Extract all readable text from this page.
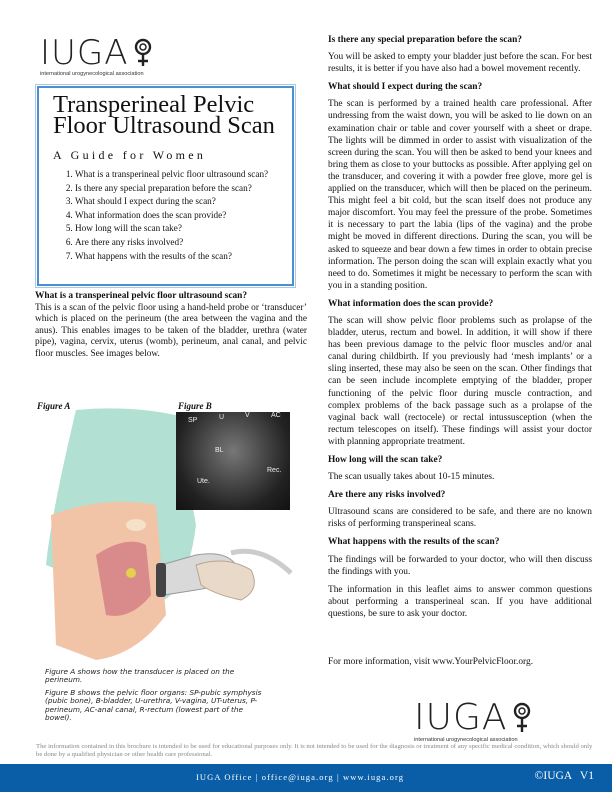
IUGA
international urogynecological association
Transperineal Pelvic Floor Ultrasound Scan
A Guide for Women
1. What is a transperineal pelvic floor ultrasound scan?
2. Is there any special preparation before the scan?
3. What should I expect during the scan?
4. What information does the scan provide?
5. How long will the scan take?
6. Are there any risks involved?
7. What happens with the results of the scan?
What is a transperineal pelvic floor ultrasound scan?

This is a scan of the pelvic floor using a hand-held probe or ‘transducer’ which is placed on the perineum (the area between the vagina and the anus). This enables images to be taken of the bladder, urethra (water pipe), vagina, cervix, uterus (womb), perineum, anal canal, and pelvic floor muscles. See images below.

Figure A	Figure B
SP	U	V	AC
BL
Rec.
Ute.

Figure A shows how the transducer is placed on the perineum.

Figure B shows the pelvic floor organs: SP-pubic symphysis (pubic bone), B-bladder, U-urethra, V-vagina, UT-uterus, P-perineum, AC-anal canal, R-rectum (lowest part of the bowel).

Is there any special preparation before the scan?

You will be asked to empty your bladder just before the scan. For best results, it is better if you have also had a bowel movement recently.

What should I expect during the scan?

The scan is performed by a trained health care professional. After undressing from the waist down, you will be asked to lie down on an examination chair or table and cover yourself with a sheet or drape. The lights will be dimmed in order to assist with visualization of the screen during the scan. You will then be asked to bend your knees and bring them as close to your buttocks as possible. After applying gel on the transducer, and covering it with a powder free glove, more gel is applied on the transducer, which will then be placed on the perineum. This might feel a bit cold, but the scan itself does not produce any major discomfort. You may feel the pressure of the probe. Sometimes it is necessary to part the labia (lips of the vagina) and the probe might be moved in different directions. During the scan, you will be asked to squeeze and bear down a few times in order to obtain precise information. The person doing the scan will explain exactly what you need to do. Sometimes it might be necessary to perform the scan with you in a standing position.

What information does the scan provide?

The scan will show pelvic floor problems such as prolapse of the bladder, uterus, rectum and bowel. In addition, it will show if there has been previous damage to the pelvic floor muscles and/or anal canal during childbirth. If you previously had ‘mesh implants’ or a sling inserted, these may also be seen on the scan. Other findings that can be seen include incomplete emptying of the bladder, proper functioning of the pelvic floor during muscle contraction, and complex problems of the back passage such as a prolapse of the vaginal back wall (rectocele) or rectal intussusception (when the rectum telescopes on itself). These findings will assist your doctor with planning appropriate treatment.

How long will the scan take?

The scan usually takes about 10-15 minutes.

Are there any risks involved?

Ultrasound scans are considered to be safe, and there are no known risks of performing transperineal scans.

What happens with the results of the scan?

The findings will be forwarded to your doctor, who will then discuss the findings with you.

The information in this leaflet aims to answer common questions about performing a transperineal scan. If you have additional questions, be sure to ask your doctor.

For more information, visit www.YourPelvicFloor.org.
IUGA
international urogynecological association
The information contained in this brochure is intended to be used for educational purposes only. It is not intended to be used for the diagnosis or treatment of any specific medical condition, which should only be done by a qualified physician or other health care professional.
IUGA Office | office@iuga.org | www.iuga.org	©IUGA   V1
